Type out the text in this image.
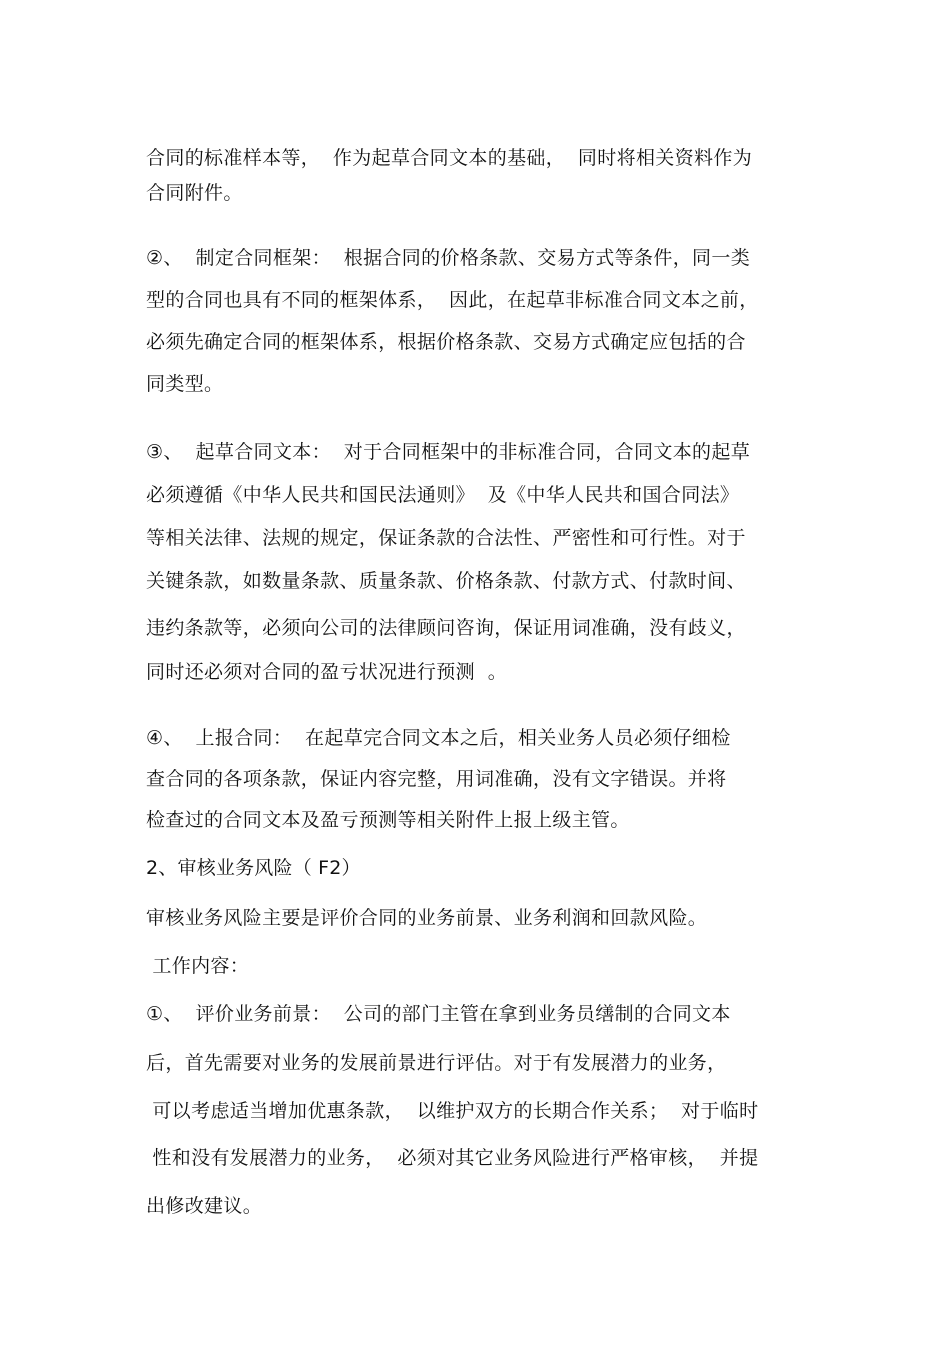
合同的标准样本等，  作为起草合同文本的基础，  同时将相关资料作为
合同附件。
②、  制定合同框架：  根据合同的价格条款、交易方式等条件，同一类
型的合同也具有不同的框架体系，  因此，在起草非标准合同文本之前，
必须先确定合同的框架体系，根据价格条款、交易方式确定应包括的合
同类型。
③、  起草合同文本：  对于合同框架中的非标准合同，合同文本的起草
必须遵循《中华人民共和国民法通则》  及《中华人民共和国合同法》
等相关法律、法规的规定，保证条款的合法性、严密性和可行性。对于
关键条款，如数量条款、质量条款、价格条款、付款方式、付款时间、
违约条款等，必须向公司的法律顾问咨询，保证用词准确，没有歧义，
同时还必须对合同的盈亏状况进行预测  。
④、  上报合同：  在起草完合同文本之后，相关业务人员必须仔细检
查合同的各项条款，保证内容完整，用词准确，没有文字错误。并将
检查过的合同文本及盈亏预测等相关附件上报上级主管。
2、审核业务风险（ F2）
审核业务风险主要是评价合同的业务前景、业务利润和回款风险。
工作内容：
①、  评价业务前景：  公司的部门主管在拿到业务员缮制的合同文本
后，首先需要对业务的发展前景进行评估。对于有发展潜力的业务，
可以考虑适当增加优惠条款，  以维护双方的长期合作关系；  对于临时
性和没有发展潜力的业务，  必须对其它业务风险进行严格审核，  并提
出修改建议。
